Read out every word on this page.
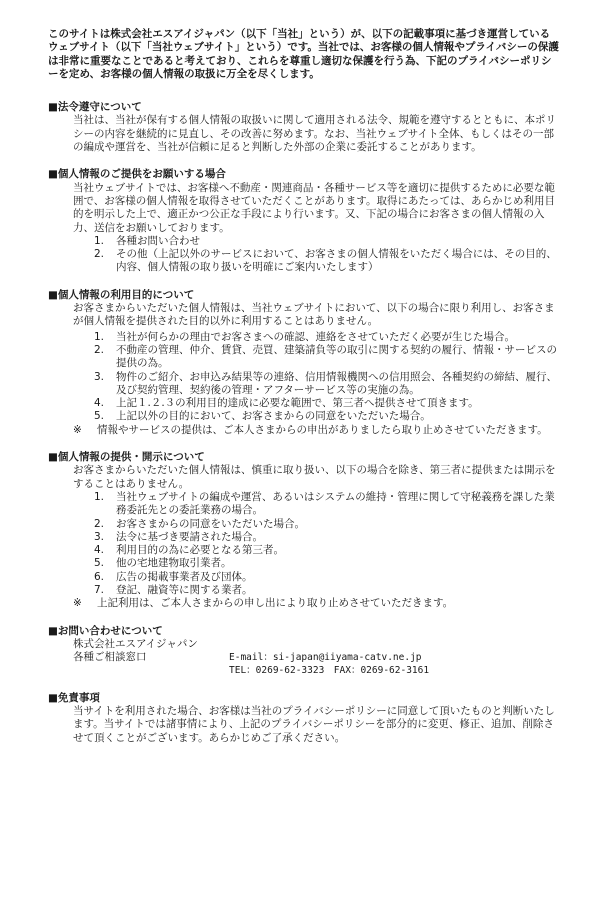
このサイトは株式会社エスアイジャパン（以下「当社」という）が、以下の記載事項に基づき運営しているウェブサイト（以下「当社ウェブサイト」という）です。当社では、お客様の個人情報やプライバシーの保護は非常に重要なことであると考えており、これらを尊重し適切な保護を行う為、下記のプライバシーポリシーを定め、お客様の個人情報の取扱に万全を尽くします。

■法令遵守について

当社は、当社が保有する個人情報の取扱いに関して適用される法令、規範を遵守するとともに、本ポリシーの内容を継続的に見直し、その改善に努めます。なお、当社ウェブサイト全体、もしくはその一部の編成や運営を、当社が信頼に足ると判断した外部の企業に委託することがあります。

■個人情報のご提供をお願いする場合

当社ウェブサイトでは、お客様へ不動産・関連商品・各種サービス等を適切に提供するために必要な範囲で、お客様の個人情報を取得させていただくことがあります。取得にあたっては、あらかじめ利用目的を明示した上で、適正かつ公正な手段により行います。又、下記の場合にお客さまの個人情報の入力、送信をお願いしております。

1. 各種お問い合わせ
2. その他（上記以外のサービスにおいて、お客さまの個人情報をいただく場合には、その目的、内容、個人情報の取り扱いを明確にご案内いたします）

■個人情報の利用目的について

お客さまからいただいた個人情報は、当社ウェブサイトにおいて、以下の場合に限り利用し、お客さまが個人情報を提供された目的以外に利用することはありません。

1. 当社が何らかの理由でお客さまへの確認、連絡をさせていただく必要が生じた場合。
2. 不動産の管理、仲介、賃貸、売買、建築請負等の取引に関する契約の履行、情報・サービスの提供の為。
3. 物件のご紹介、お申込み結果等の連絡、信用情報機関への信用照会、各種契約の締結、履行、及び契約管理、契約後の管理・アフターサービス等の実施の為。
4. 上記１.２.３の利用目的達成に必要な範囲で、第三者へ提供させて頂きます。
5. 上記以外の目的において、お客さまからの同意をいただいた場合。
※ 情報やサービスの提供は、ご本人さまからの申出がありましたら取り止めさせていただきます。

■個人情報の提供・開示について

お客さまからいただいた個人情報は、慎重に取り扱い、以下の場合を除き、第三者に提供または開示をすることはありません。

1. 当社ウェブサイトの編成や運営、あるいはシステムの維持・管理に関して守秘義務を課した業務委託先との委託業務の場合。
2. お客さまからの同意をいただいた場合。
3. 法令に基づき要請された場合。
4. 利用目的の為に必要となる第三者。
5. 他の宅地建物取引業者。
6. 広告の掲載事業者及び団体。
7. 登記、融資等に関する業者。
※ 上記利用は、ご本人さまからの申し出により取り止めさせていただきます。

■お問い合わせについて

株式会社エスアイジャパン

各種ご相談窓口	E-mail：si-japan@iiyama-catv.ne.jp
TEL：0269-62-3323　FAX：0269-62-3161

■免責事項

当サイトを利用された場合、お客様は当社のプライバシーポリシーに同意して頂いたものと判断いたします。当サイトでは諸事情により、上記のプライバシーポリシーを部分的に変更、修正、追加、削除させて頂くことがございます。あらかじめご了承ください。
